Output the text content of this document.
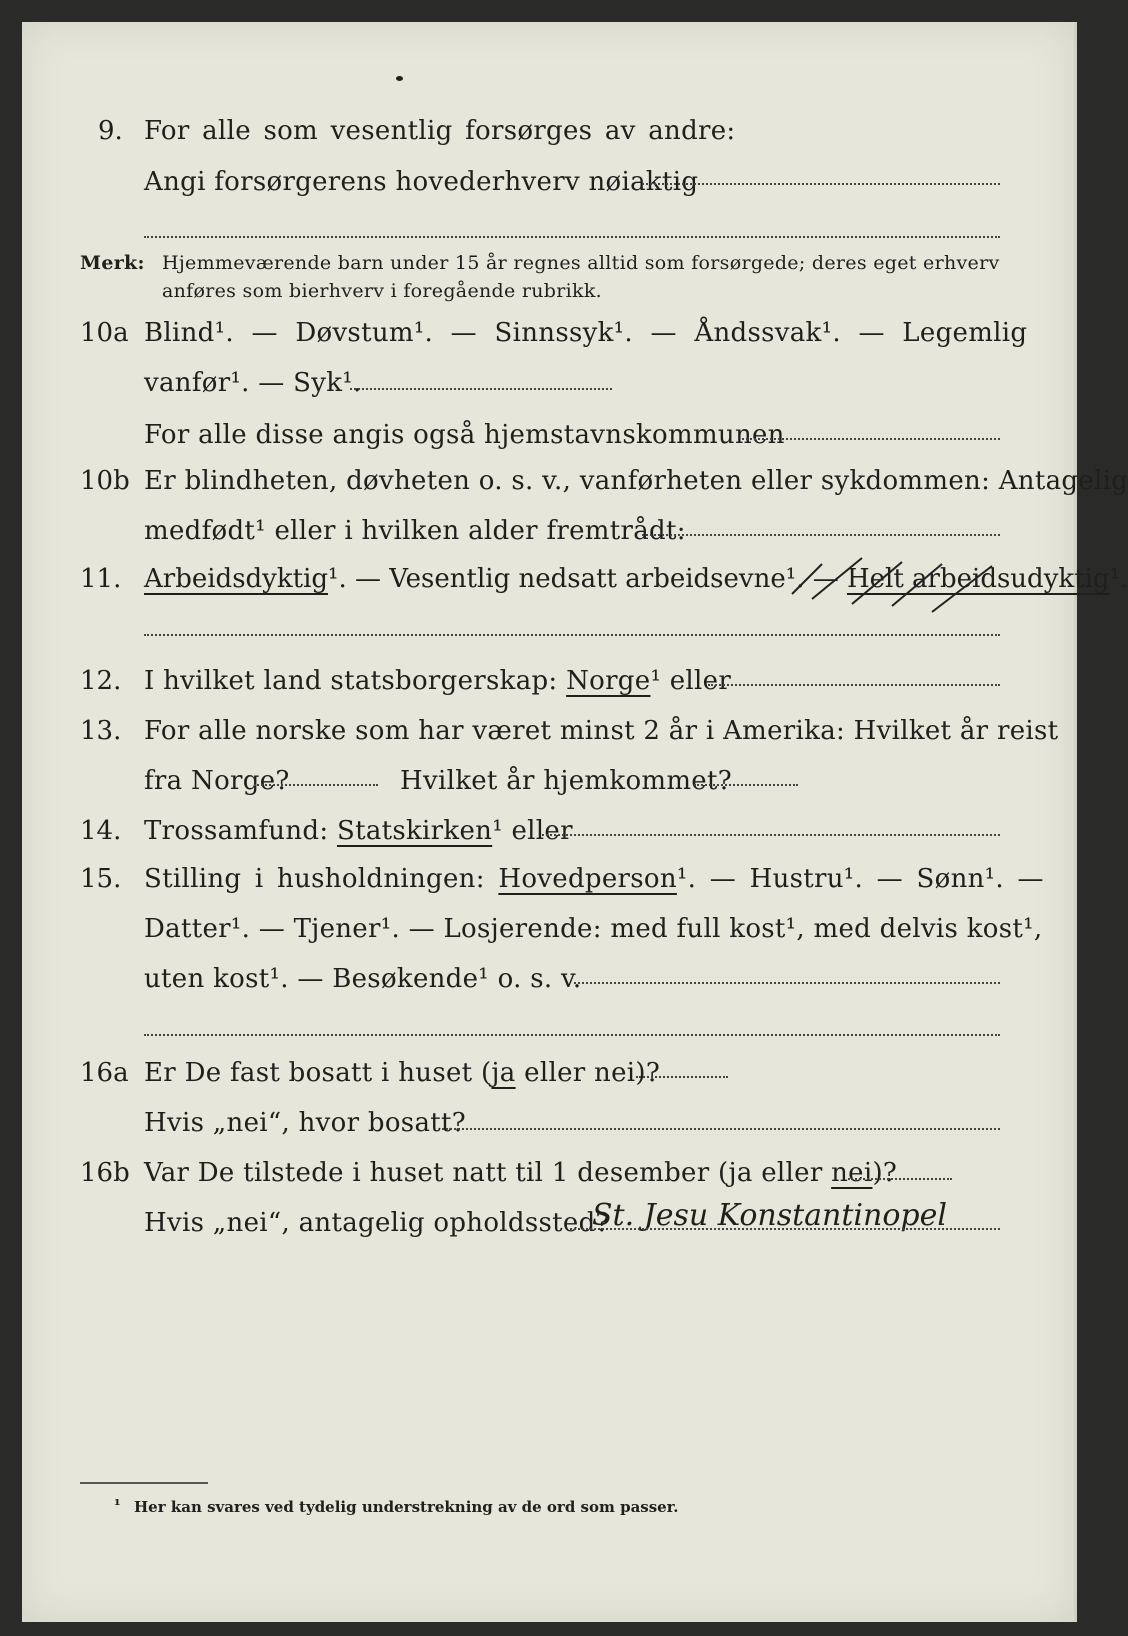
9. For alle som vesentlig forsørges av andre:
Angi forsørgerens hovederhverv nøiaktig
Merk: Hjemmeværende barn under 15 år regnes alltid som forsørgede; deres eget erhverv
anføres som bierhverv i foregående rubrikk.
10a Blind¹. — Døvstum¹. — Sinnssyk¹. — Åndssvak¹. — Legemlig
vanfør¹. — Syk¹.
For alle disse angis også hjemstavnskommunen
10b Er blindheten, døvheten o. s. v., vanførheten eller sykdommen: Antagelig
medfødt¹ eller i hvilken alder fremtrådt:
11. Arbeidsdyktig¹. — Vesentlig nedsatt arbeidsevne¹. — Helt arbeidsudyktig¹.
12. I hvilket land statsborgerskap: Norge¹ eller
13. For alle norske som har været minst 2 år i Amerika: Hvilket år reist
fra Norge?	Hvilket år hjemkommet?
14. Trossamfund: Statskirken¹ eller
15. Stilling i husholdningen: Hovedperson¹. — Hustru¹. — Sønn¹. —
Datter¹. — Tjener¹. — Losjerende: med full kost¹, med delvis kost¹,
uten kost¹. — Besøkende¹ o. s. v.
16a Er De fast bosatt i huset (ja eller nei)?
Hvis „nei“, hvor bosatt?
16b Var De tilstede i huset natt til 1 desember (ja eller nei)?
Hvis „nei“, antagelig opholdssted?
St. Jesu Konstantinopel
¹ Her kan svares ved tydelig understrekning av de ord som passer.
